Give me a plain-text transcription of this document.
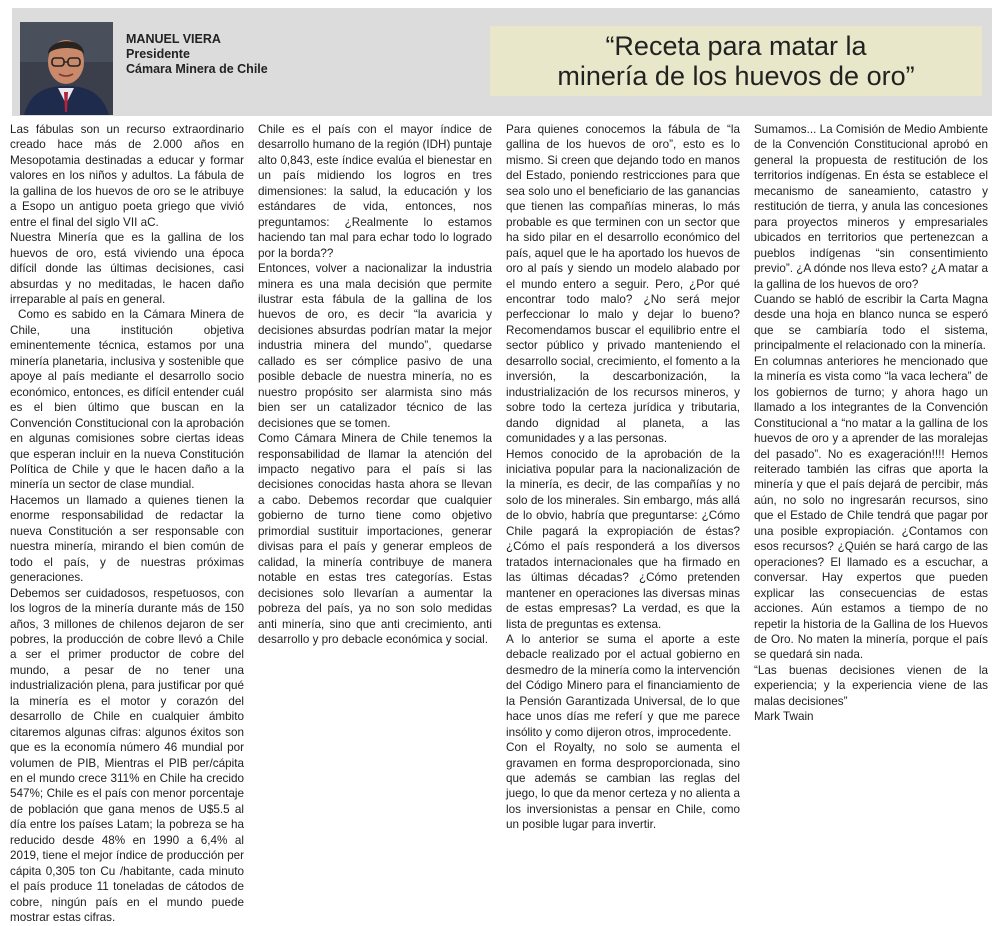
MANUEL VIERA
Presidente
Cámara Minera de Chile
“Receta para matar la
minería de los huevos de oro”

Las fábulas son un recurso extraordinario creado hace más de 2.000 años en Mesopotamia destinadas a educar y formar valores en los niños y adultos. La fábula de la gallina de los huevos de oro se le atribuye a Esopo un antiguo poeta griego que vivió entre el final del siglo VII aC.

Nuestra Minería que es la gallina de los huevos de oro, está viviendo una época difícil donde las últimas decisiones, casi absurdas y no meditadas, le hacen daño irreparable al país en general.

Como es sabido en la Cámara Minera de Chile, una institución objetiva eminentemente técnica, estamos por una minería planetaria, inclusiva y sostenible que apoye al país mediante el desarrollo socio económico, entonces, es difícil entender cuál es el bien último que buscan en la Convención Constitucional con la aprobación en algunas comisiones sobre ciertas ideas que esperan incluir en la nueva Constitución Política de Chile y que le hacen daño a la minería un sector de clase mundial.

Hacemos un llamado a quienes tienen la enorme responsabilidad de redactar la nueva Constitución a ser responsable con nuestra minería, mirando el bien común de todo el país, y de nuestras próximas generaciones.

Debemos ser cuidadosos, respetuosos, con los logros de la minería durante más de 150 años, 3 millones de chilenos dejaron de ser pobres, la producción de cobre llevó a Chile a ser el primer productor de cobre del mundo, a pesar de no tener una industrialización plena, para justificar por qué la minería es el motor y corazón del desarrollo de Chile en cualquier ámbito citaremos algunas cifras: algunos éxitos son que es la economía número 46 mundial por volumen de PIB, Mientras el PIB per/cápita en el mundo crece 311% en Chile ha crecido 547%; Chile es el país con menor porcentaje de población que gana menos de U$5.5 al día entre los países Latam; la pobreza se ha reducido desde 48% en 1990 a 6,4% al 2019, tiene el mejor índice de producción per cápita 0,305 ton Cu /habitante, cada minuto el país produce 11 toneladas de cátodos de cobre, ningún país en el mundo puede mostrar estas cifras.

Chile es el país con el mayor índice de desarrollo humano de la región (IDH) puntaje alto 0,843, este índice evalúa el bienestar en un país midiendo los logros en tres dimensiones: la salud, la educación y los estándares de vida, entonces, nos preguntamos: ¿Realmente lo estamos haciendo tan mal para echar todo lo logrado por la borda??

Entonces, volver a nacionalizar la industria minera es una mala decisión que permite ilustrar esta fábula de la gallina de los huevos de oro, es decir “la avaricia y decisiones absurdas podrían matar la mejor industria minera del mundo”, quedarse callado es ser cómplice pasivo de una posible debacle de nuestra minería, no es nuestro propósito ser alarmista sino más bien ser un catalizador técnico de las decisiones que se tomen.

Como Cámara Minera de Chile tenemos la responsabilidad de llamar la atención del impacto negativo para el país si las decisiones conocidas hasta ahora se llevan a cabo. Debemos recordar que cualquier gobierno de turno tiene como objetivo primordial sustituir importaciones, generar divisas para el país y generar empleos de calidad, la minería contribuye de manera notable en estas tres categorías. Estas decisiones solo llevarían a aumentar la pobreza del país, ya no son solo medidas anti minería, sino que anti crecimiento, anti desarrollo y pro debacle económica y social.

Para quienes conocemos la fábula de “la gallina de los huevos de oro”, esto es lo mismo. Si creen que dejando todo en manos del Estado, poniendo restricciones para que sea solo uno el beneficiario de las ganancias que tienen las compañías mineras, lo más probable es que terminen con un sector que ha sido pilar en el desarrollo económico del país, aquel que le ha aportado los huevos de oro al país y siendo un modelo alabado por el mundo entero a seguir. Pero, ¿Por qué encontrar todo malo? ¿No será mejor perfeccionar lo malo y dejar lo bueno? Recomendamos buscar el equilibrio entre el sector público y privado manteniendo el desarrollo social, crecimiento, el fomento a la inversión, la descarbonización, la industrialización de los recursos mineros, y sobre todo la certeza jurídica y tributaria, dando dignidad al planeta, a las comunidades y a las personas.

Hemos conocido de la aprobación de la iniciativa popular para la nacionalización de la minería, es decir, de las compañías y no solo de los minerales. Sin embargo, más allá de lo obvio, habría que preguntarse: ¿Cómo Chile pagará la expropiación de éstas? ¿Cómo el país responderá a los diversos tratados internacionales que ha firmado en las últimas décadas? ¿Cómo pretenden mantener en operaciones las diversas minas de estas empresas? La verdad, es que la lista de preguntas es extensa.

A lo anterior se suma el aporte a este debacle realizado por el actual gobierno en desmedro de la minería como la intervención del Código Minero para el financiamiento de la Pensión Garantizada Universal, de lo que hace unos días me referí y que me parece insólito y como dijeron otros, improcedente.

Con el Royalty, no solo se aumenta el gravamen en forma desproporcionada, sino que además se cambian las reglas del juego, lo que da menor certeza y no alienta a los inversionistas a pensar en Chile, como un posible lugar para invertir.

Sumamos... La Comisión de Medio Ambiente de la Convención Constitucional aprobó en general la propuesta de restitución de los territorios indígenas. En ésta se establece el mecanismo de saneamiento, catastro y restitución de tierra, y anula las concesiones para proyectos mineros y empresariales ubicados en territorios que pertenezcan a pueblos indígenas “sin consentimiento previo”. ¿A dónde nos lleva esto? ¿A matar a la gallina de los huevos de oro?

Cuando se habló de escribir la Carta Magna desde una hoja en blanco nunca se esperó que se cambiaría todo el sistema, principalmente el relacionado con la minería.

En columnas anteriores he mencionado que la minería es vista como “la vaca lechera” de los gobiernos de turno; y ahora hago un llamado a los integrantes de la Convención Constitucional a “no matar a la gallina de los huevos de oro y a aprender de las moralejas del pasado”. No es exageración!!!! Hemos reiterado también las cifras que aporta la minería y que el país dejará de percibir, más aún, no solo no ingresarán recursos, sino que el Estado de Chile tendrá que pagar por una posible expropiación. ¿Contamos con esos recursos? ¿Quién se hará cargo de las operaciones? El llamado es a escuchar, a conversar. Hay expertos que pueden explicar las consecuencias de estas acciones. Aún estamos a tiempo de no repetir la historia de la Gallina de los Huevos de Oro. No maten la minería, porque el país se quedará sin nada.

“Las buenas decisiones vienen de la experiencia; y la experiencia viene de las malas decisiones”

Mark Twain
